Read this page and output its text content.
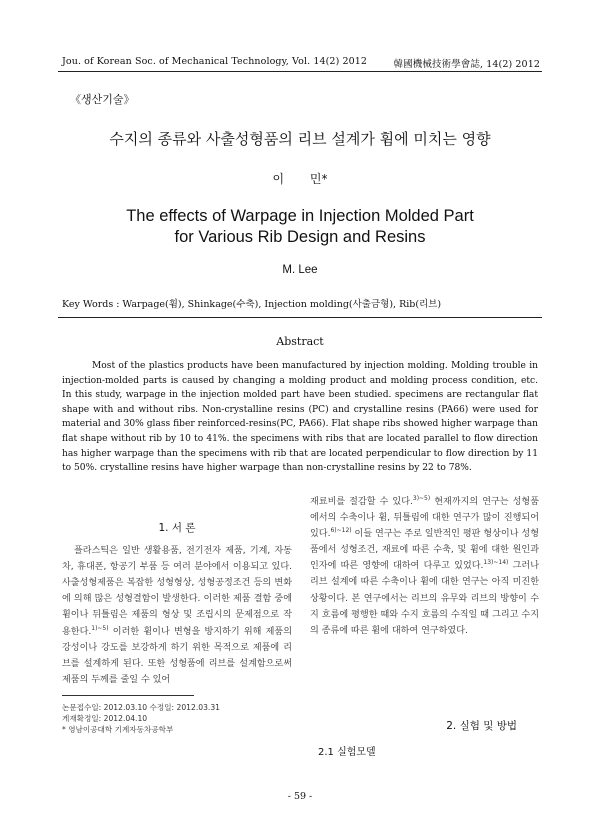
Jou. of Korean Soc. of Mechanical Technology, Vol. 14(2) 2012	韓國機械技術學會誌, 14(2) 2012
《생산기술》
수지의 종류와 사출성형품의 리브 설계가 휨에 미치는 영향
이 민*
The effects of Warpage in Injection Molded Part
for Various Rib Design and Resins
M. Lee
Key Words : Warpage(휨), Shinkage(수축), Injection molding(사출금형), Rib(리브)
Abstract

Most of the plastics products have been manufactured by injection molding. Molding trouble in injection-molded parts is caused by changing a molding product and molding process condition, etc. In this study, warpage in the injection molded part have been studied. specimens are rectangular flat shape with and without ribs. Non-crystalline resins (PC) and crystalline resins (PA66) were used for material and 30% glass fiber reinforced-resins(PC, PA66). Flat shape ribs showed higher warpage than flat shape without rib by 10 to 41%. the specimens with ribs that are located parallel to flow direction has higher warpage than the specimens with rib that are located perpendicular to flow direction by 11 to 50%. crystalline resins have higher warpage than non-crystalline resins by 22 to 78%.

1. 서 론

플라스틱은 일반 생활용품, 전기전자 제품, 기계, 자동차, 휴대폰, 항공기 부품 등 여러 분야에서 이용되고 있다. 사출성형제품은 복잡한 성형형상, 성형공정조건 등의 변화에 의해 많은 성형결함이 발생한다. 이러한 제품 결함 중에 휨이나 뒤틀림은 제품의 형상 및 조립시의 문제점으로 작용한다.$^{1)\sim 5)}$ 이러한 휨이나 변형을 방지하기 위해 제품의 강성이나 강도를 보강하게 하기 위한 목적으로 제품에 리브를 설계하게 된다. 또한 성형품에 리브를 설계함으로써 제품의 두께를 줄일 수 있어

재료비를 절감할 수 있다.$^{3)\sim 5)}$ 현재까지의 연구는 성형품에서의 수축이나 휨, 뒤틀림에 대한 연구가 많이 진행되어 있다.$^{6)\sim 12)}$ 이들 연구는 주로 일반적인 평판 형상이나 성형품에서 성형조건, 재료에 따른 수축, 및 휨에 대한 원인과 인자에 따른 영향에 대하여 다루고 있었다.$^{13)\sim 14)}$ 그러나 리브 설계에 따른 수축이나 휨에 대한 연구는 아직 미진한 상황이다. 본 연구에서는 리브의 유무와 리브의 방향이 수지 흐름에 평행한 때와 수지 흐름의 수직일 때 그리고 수지의 종류에 따른 휨에 대하여 연구하였다.

논문접수일: 2012.03.10 수정일: 2012.03.31
게재확정일: 2012.04.10
* 영남이공대학 기계자동차공학부	2. 실험 및 방법
2.1 실험모델
- 59 -
